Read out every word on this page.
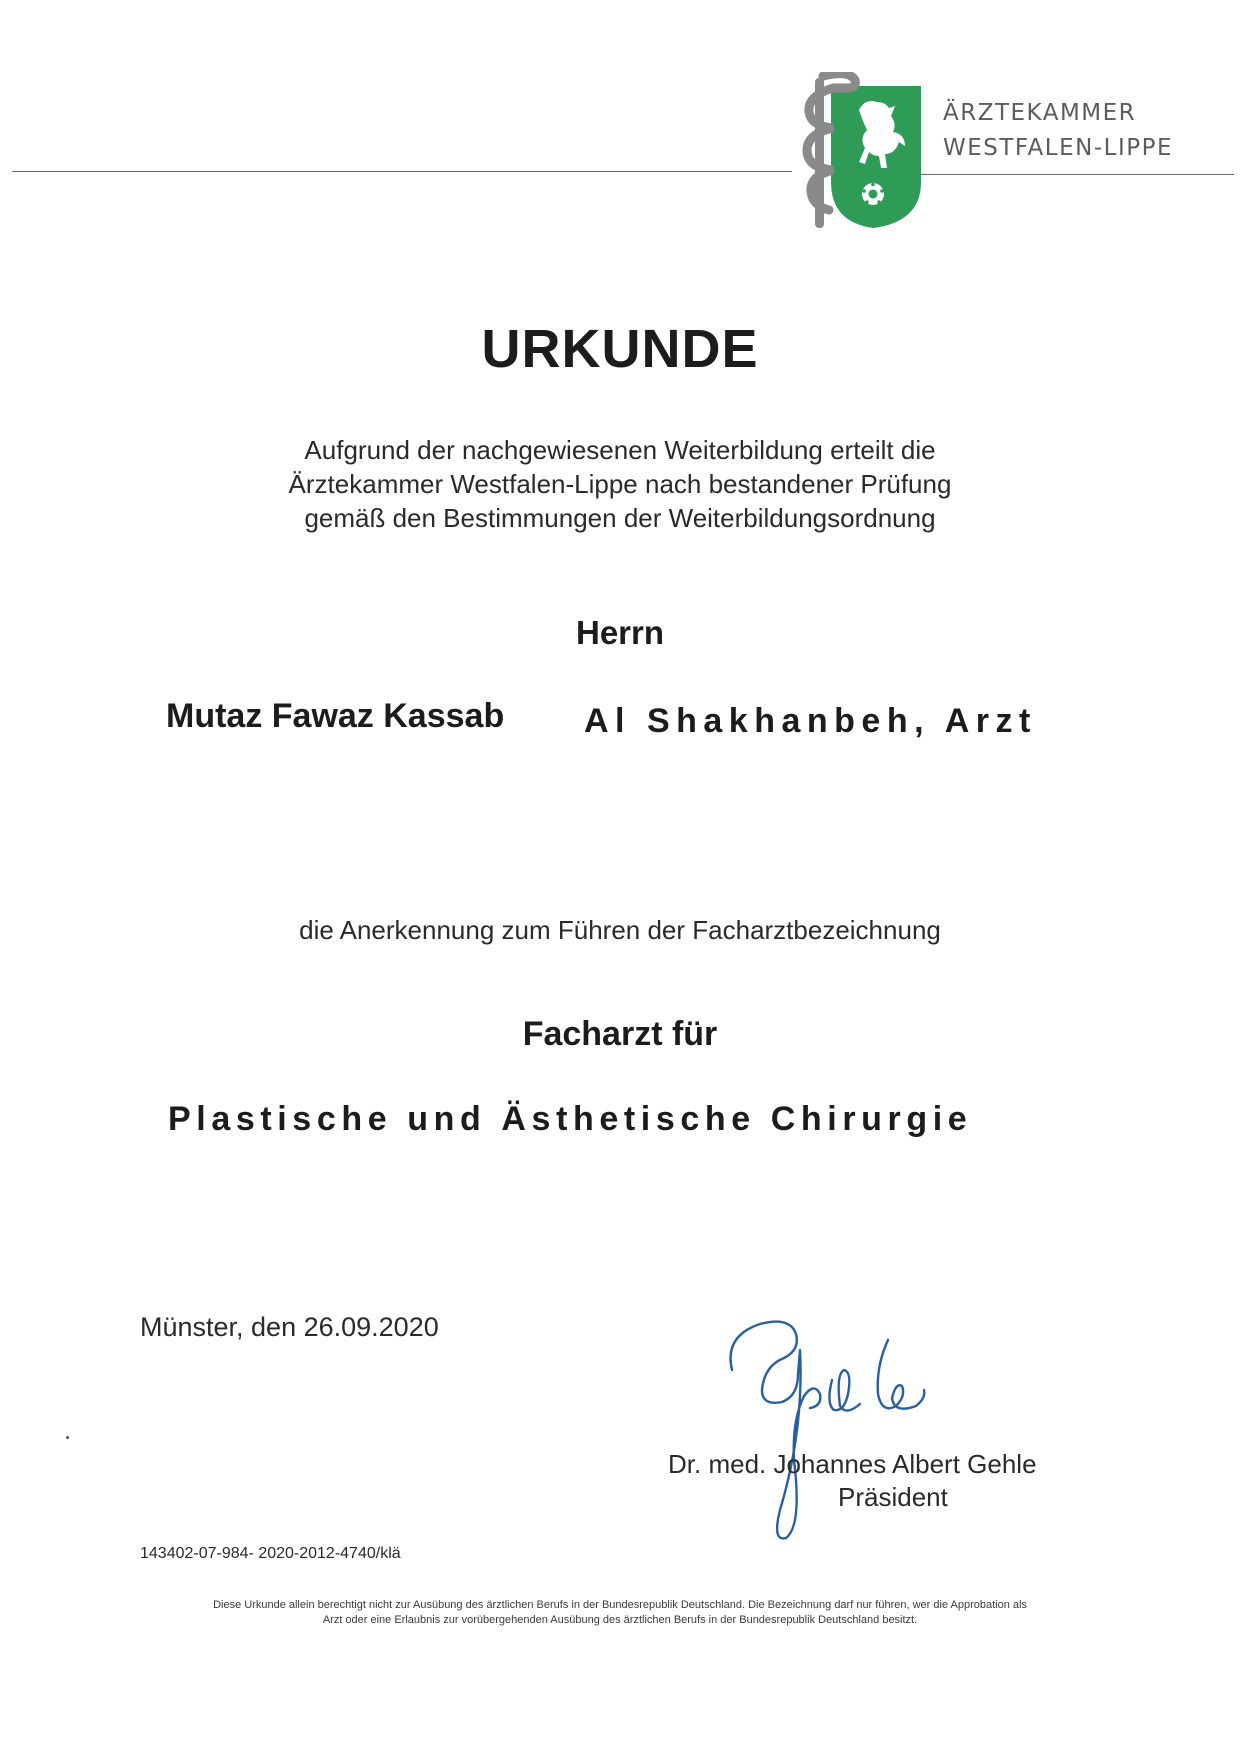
ÄRZTEKAMMER
WESTFALEN-LIPPE
URKUNDE
Aufgrund der nachgewiesenen Weiterbildung erteilt die
Ärztekammer Westfalen-Lippe nach bestandener Prüfung
gemäß den Bestimmungen der Weiterbildungsordnung
Herrn
Mutaz Fawaz Kassab Al Shakhanbeh, Arzt
die Anerkennung zum Führen der Facharztbezeichnung
Facharzt für
Plastische und Ästhetische Chirurgie
Münster, den 26.09.2020
Dr. med. Johannes Albert Gehle
Präsident
143402-07-984- 2020-2012-4740/klä
Diese Urkunde allein berechtigt nicht zur Ausübung des ärztlichen Berufs in der Bundesrepublik Deutschland. Die Bezeichnung darf nur führen, wer die Approbation als
Arzt oder eine Erlaubnis zur vorübergehenden Ausübung des ärztlichen Berufs in der Bundesrepublik Deutschland besitzt.
